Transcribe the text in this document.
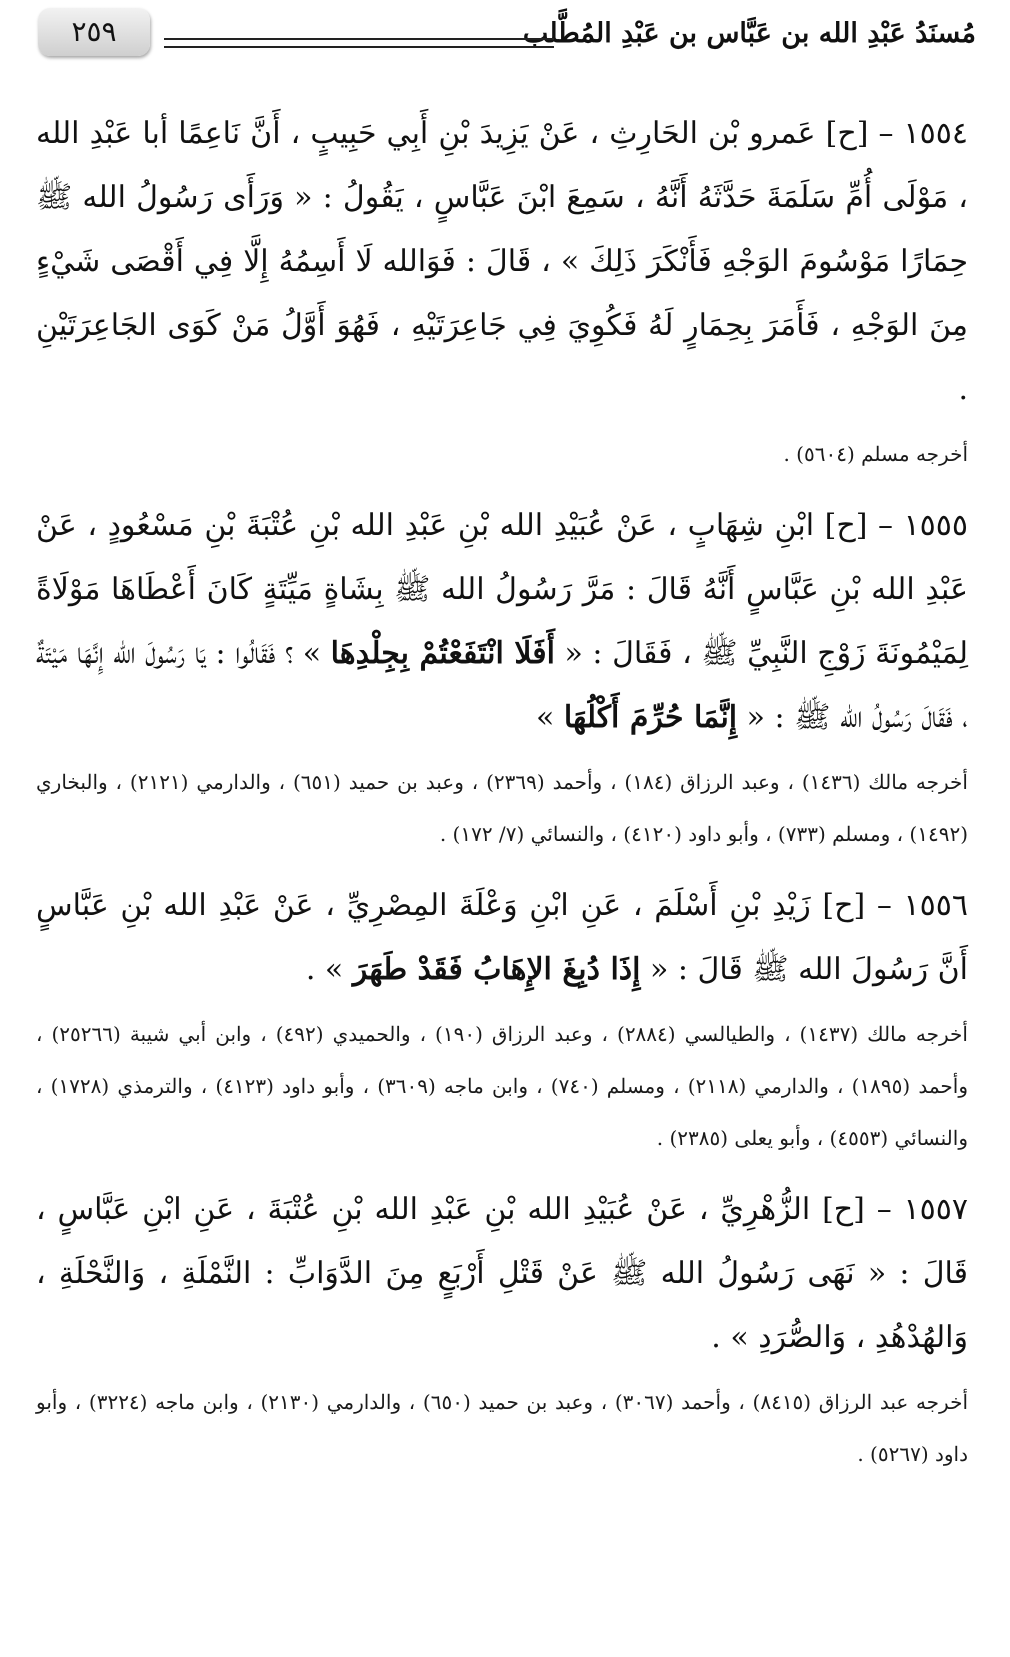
مُسنَدُ عَبْدِ الله بن عَبَّاس بن عَبْدِ المُطَّلب
٢٥٩

١٥٥٤ – [ح] عَمرو بْن الحَارِثِ ، عَنْ يَزِيدَ بْنِ أَبِي حَبِيبٍ ، أَنَّ نَاعِمًا أبا عَبْدِ الله ، مَوْلَى أُمِّ سَلَمَةَ حَدَّثَهُ أَنَّهُ ، سَمِعَ ابْنَ عَبَّاسٍ ، يَقُولُ : « وَرَأَى رَسُولُ الله ﷺ حِمَارًا مَوْسُومَ الوَجْهِ فَأَنْكَرَ ذَلِكَ » ، قَالَ : فَوَالله لَا أَسِمُهُ إِلَّا فِي أَقْصَى شَيْءٍ مِنَ الوَجْهِ ، فَأَمَرَ بِحِمَارٍ لَهُ فَكُوِيَ فِي جَاعِرَتَيْهِ ، فَهُوَ أَوَّلُ مَنْ كَوَى الجَاعِرَتَيْنِ .

أخرجه مسلم (٥٦٠٤) .

١٥٥٥ – [ح] ابْنِ شِهَابٍ ، عَنْ عُبَيْدِ الله بْنِ عَبْدِ الله بْنِ عُتْبَةَ بْنِ مَسْعُودٍ ، عَنْ عَبْدِ الله بْنِ عَبَّاسٍ أَنَّهُ قَالَ : مَرَّ رَسُولُ الله ﷺ بِشَاةٍ مَيِّتَةٍ كَانَ أَعْطَاهَا مَوْلَاةً لِمَيْمُونَةَ زَوْجِ النَّبِيِّ ﷺ ، فَقَالَ : « أَفَلَا انْتَفَعْتُمْ بِجِلْدِهَا » ؟ فَقَالُوا : يَا رَسُولَ الله إِنَّهَا مَيْتَةٌ ، فَقَالَ رَسُولُ الله ﷺ : « إِنَّمَا حُرِّمَ أَكْلُهَا »

أخرجه مالك (١٤٣٦) ، وعبد الرزاق (١٨٤) ، وأحمد (٢٣٦٩) ، وعبد بن حميد (٦٥١) ، والدارمي (٢١٢١) ، والبخاري (١٤٩٢) ، ومسلم (٧٣٣) ، وأبو داود (٤١٢٠) ، والنسائي (٧/ ١٧٢) .

١٥٥٦ – [ح] زَيْدِ بْنِ أَسْلَمَ ، عَنِ ابْنِ وَعْلَةَ المِصْرِيِّ ، عَنْ عَبْدِ الله بْنِ عَبَّاسٍ أَنَّ رَسُولَ الله ﷺ قَالَ : « إِذَا دُبِغَ الإِهَابُ فَقَدْ طَهَرَ » .

أخرجه مالك (١٤٣٧) ، والطيالسي (٢٨٨٤) ، وعبد الرزاق (١٩٠) ، والحميدي (٤٩٢) ، وابن أبي شيبة (٢٥٢٦٦) ، وأحمد (١٨٩٥) ، والدارمي (٢١١٨) ، ومسلم (٧٤٠) ، وابن ماجه (٣٦٠٩) ، وأبو داود (٤١٢٣) ، والترمذي (١٧٢٨) ، والنسائي (٤٥٥٣) ، وأبو يعلى (٢٣٨٥) .

١٥٥٧ – [ح] الزُّهْرِيِّ ، عَنْ عُبَيْدِ الله بْنِ عَبْدِ الله بْنِ عُتْبَةَ ، عَنِ ابْنِ عَبَّاسٍ ، قَالَ : « نَهَى رَسُولُ الله ﷺ عَنْ قَتْلِ أَرْبَعٍ مِنَ الدَّوَابِّ : النَّمْلَةِ ، وَالنَّحْلَةِ ، وَالهُدْهُدِ ، وَالصُّرَدِ » .

أخرجه عبد الرزاق (٨٤١٥) ، وأحمد (٣٠٦٧) ، وعبد بن حميد (٦٥٠) ، والدارمي (٢١٣٠) ، وابن ماجه (٣٢٢٤) ، وأبو داود (٥٢٦٧) .
